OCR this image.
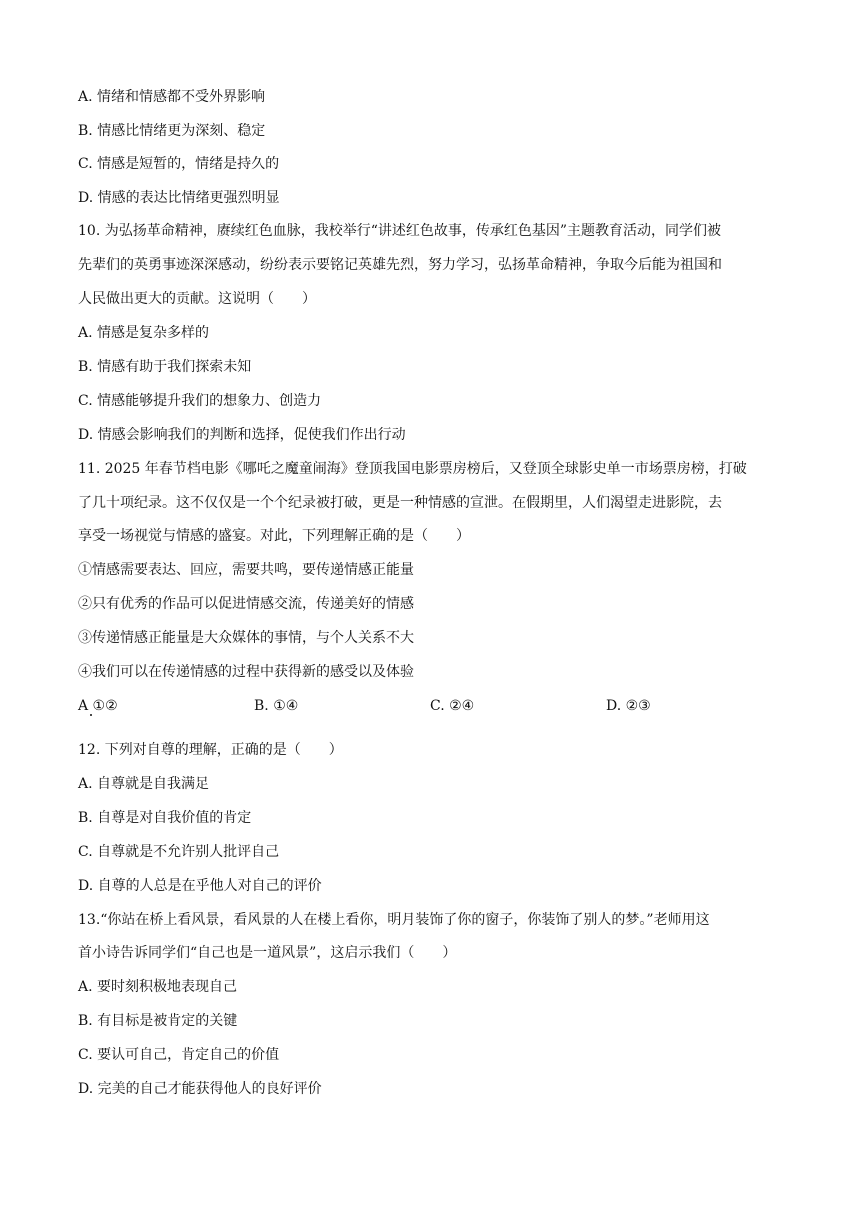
A. 情绪和情感都不受外界影响
B. 情感比情绪更为深刻、稳定
C. 情感是短暂的，情绪是持久的
D. 情感的表达比情绪更强烈明显
10. 为弘扬革命精神，赓续红色血脉，我校举行“讲述红色故事，传承红色基因”主题教育活动，同学们被
先辈们的英勇事迹深深感动，纷纷表示要铭记英雄先烈，努力学习，弘扬革命精神，争取今后能为祖国和
人民做出更大的贡献。这说明（　　）
A. 情感是复杂多样的
B. 情感有助于我们探索未知
C. 情感能够提升我们的想象力、创造力
D. 情感会影响我们的判断和选择，促使我们作出行动
11. 2025 年春节档电影《哪吒之魔童闹海》登顶我国电影票房榜后，又登顶全球影史单一市场票房榜，打破
了几十项纪录。这不仅仅是一个个纪录被打破，更是一种情感的宣泄。在假期里，人们渴望走进影院，去
享受一场视觉与情感的盛宴。对此，下列理解正确的是（　　）
①情感需要表达、回应，需要共鸣，要传递情感正能量
②只有优秀的作品可以促进情感交流，传递美好的情感
③传递情感正能量是大众媒体的事情，与个人关系不大
④我们可以在传递情感的过程中获得新的感受以及体验
A ①②	B. ①④	C. ②④	D. ②③
12. 下列对自尊的理解，正确的是（　　）
A. 自尊就是自我满足
B. 自尊是对自我价值的肯定
C. 自尊就是不允许别人批评自己
D. 自尊的人总是在乎他人对自己的评价
13.“你站在桥上看风景，看风景的人在楼上看你，明月装饰了你的窗子，你装饰了别人的梦。”老师用这
首小诗告诉同学们“自己也是一道风景”，这启示我们（　　）
A. 要时刻积极地表现自己
B. 有目标是被肯定的关键
C. 要认可自己，肯定自己的价值
D. 完美的自己才能获得他人的良好评价
